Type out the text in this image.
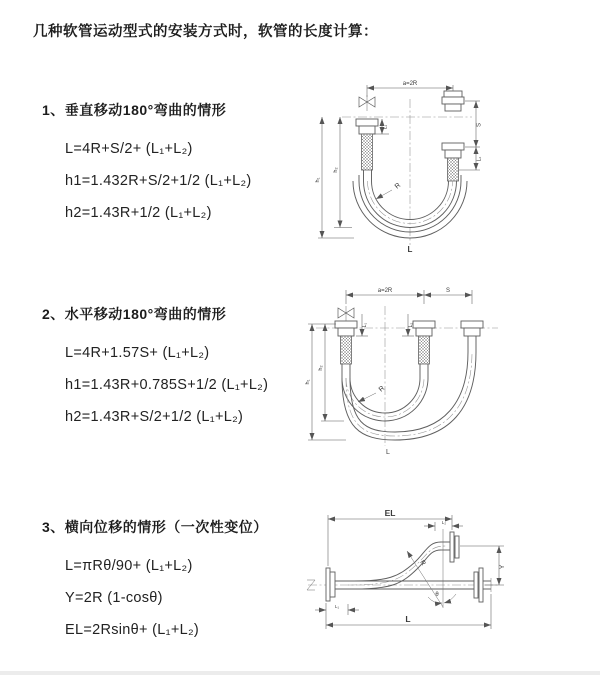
几种软管运动型式的安装方式时，软管的长度计算：

1、垂直移动180°弯曲的情形

L=4R+S/2+ (L₁+L₂)

h1=1.432R+S/2+1/2 (L₁+L₂)

h2=1.43R+1/2 (L₁+L₂)

a=2R
L₁	S
L₂
h₁
h₂
R
L

2、水平移动180°弯曲的情形

L=4R+1.57S+ (L₁+L₂)

h1=1.43R+0.785S+1/2 (L₁+L₂)

h2=1.43R+S/2+1/2 (L₁+L₂)

a=2R	S
L₁	L₂
h₁
h₂
R
L

3、横向位移的情形（一次性变位）

L=πRθ/90+ (L₁+L₂)

Y=2R (1-cosθ)

EL=2Rsinθ+ (L₁+L₂)

θ
R
EL
L₂
Y
L₁
L
